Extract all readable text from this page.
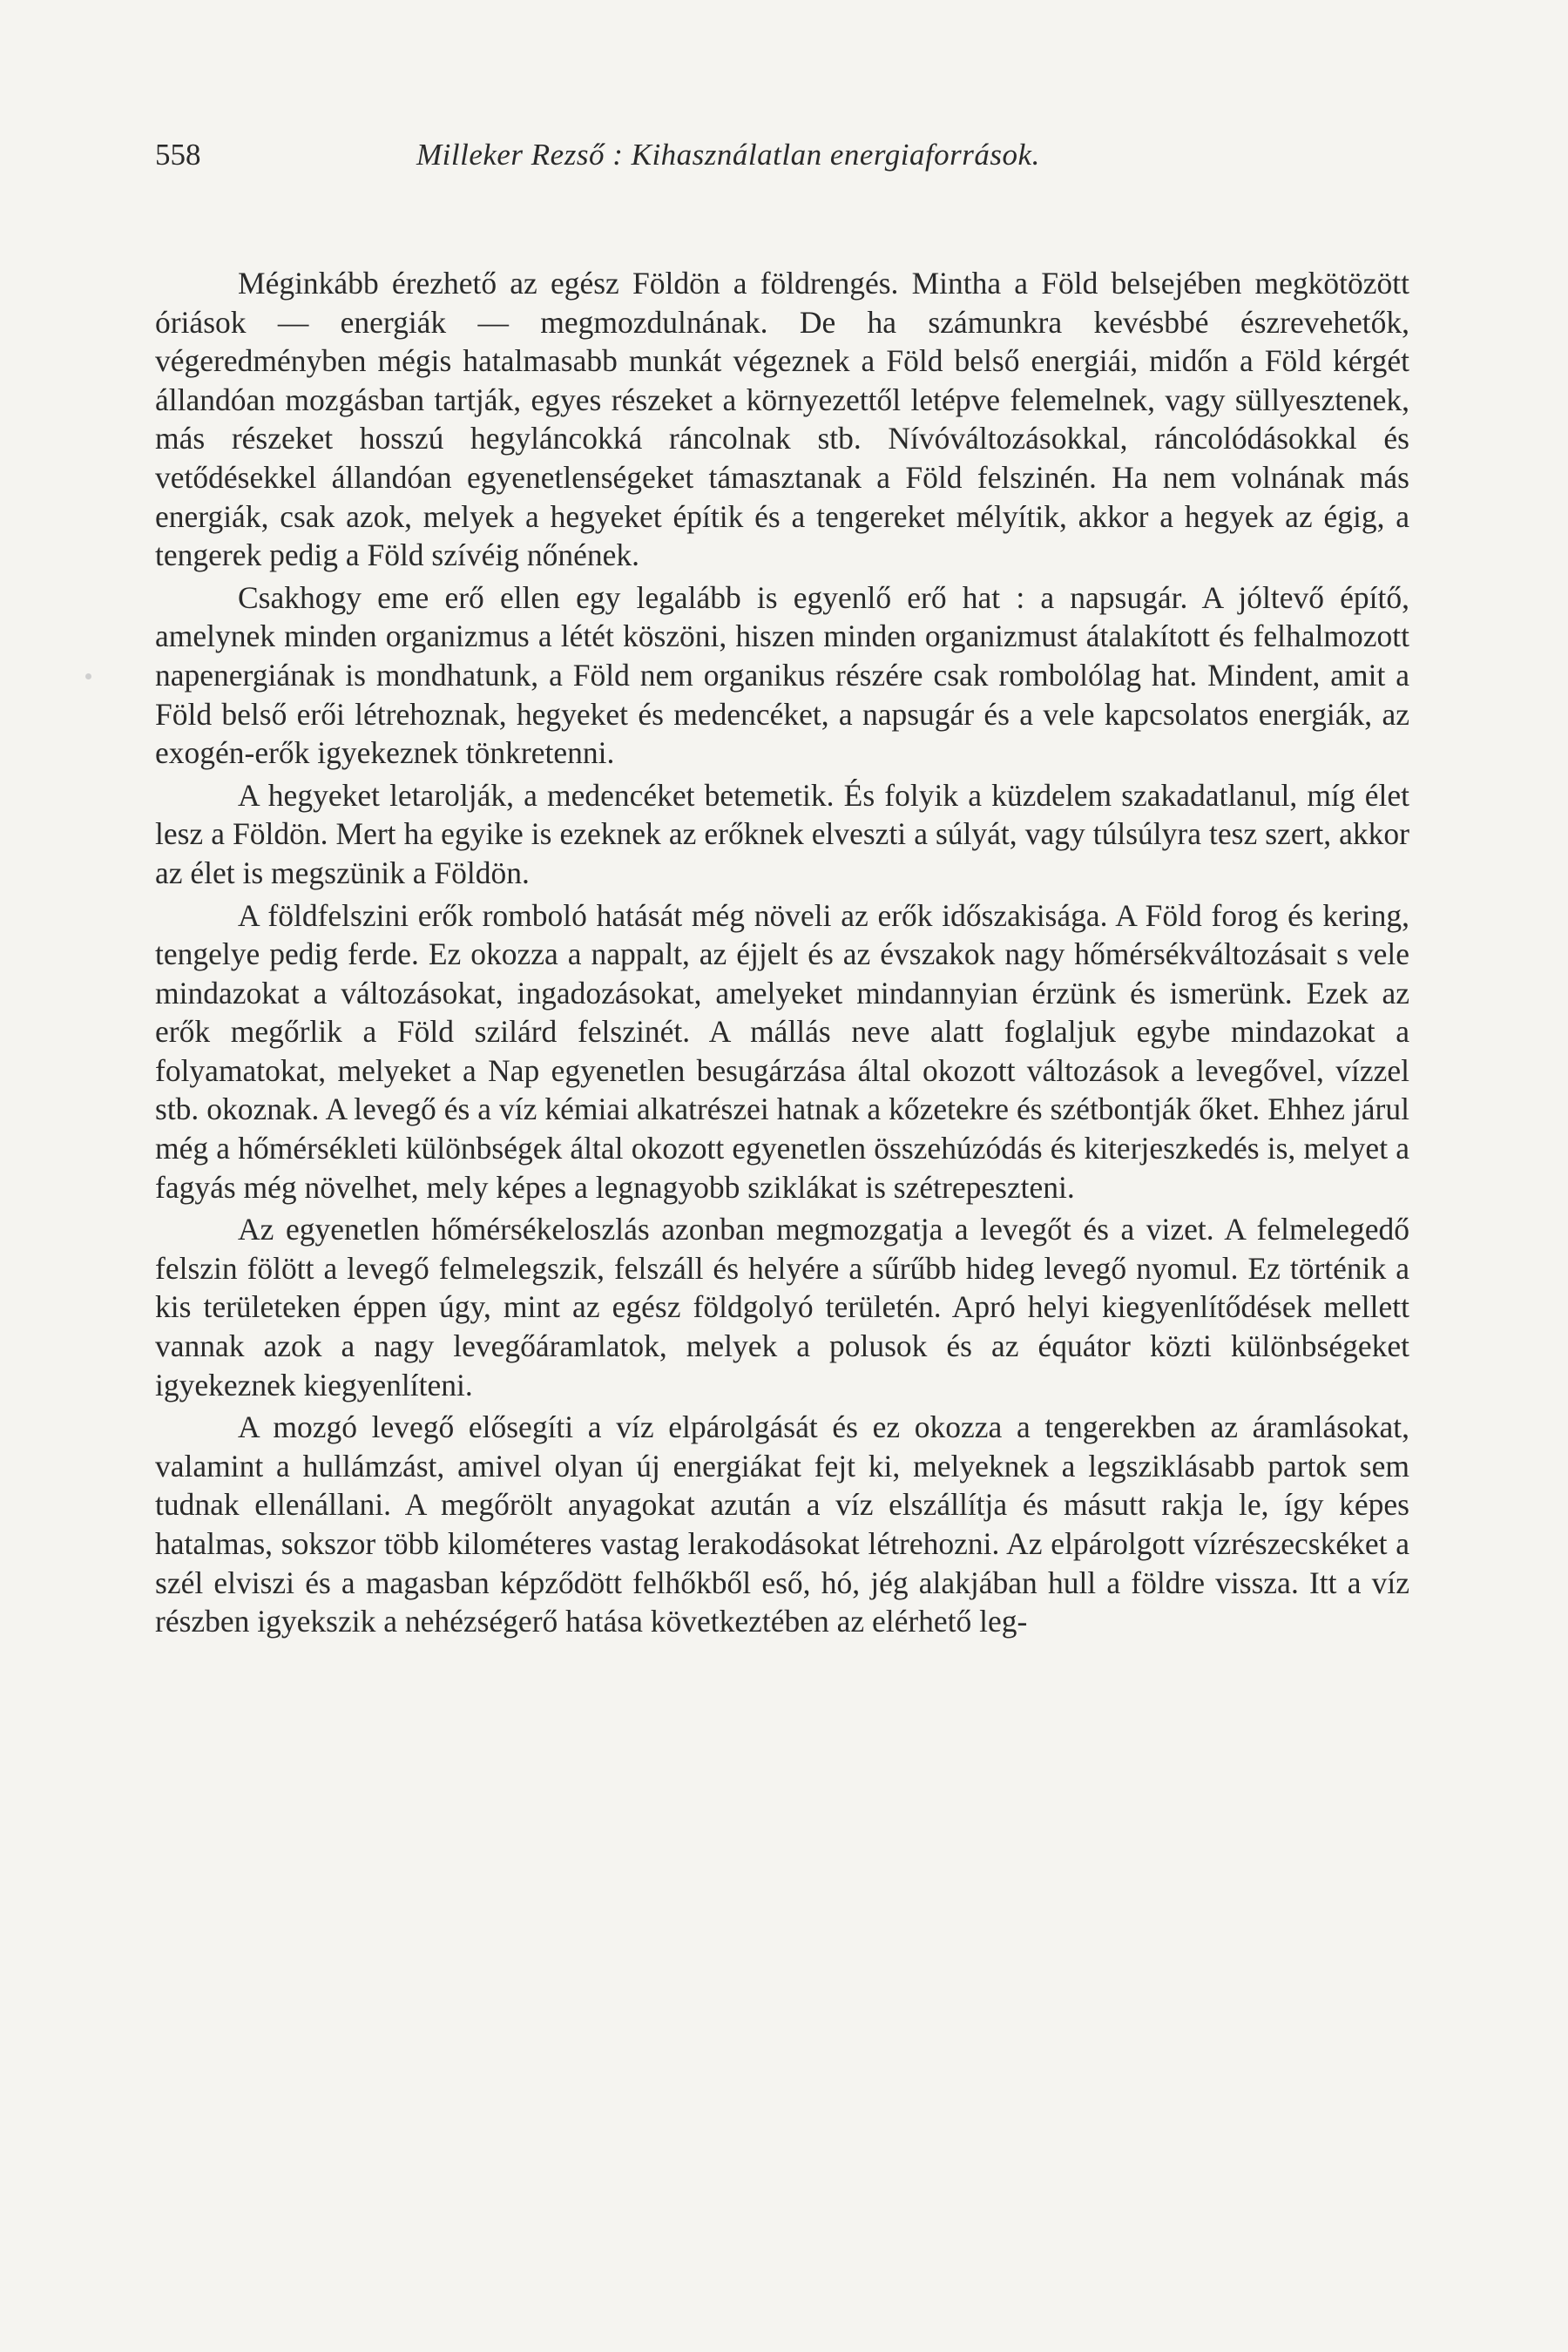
558	Milleker Rezső : Kihasználatlan energiaforrások.

Méginkább érezhető az egész Földön a földrengés. Mintha a Föld belsejében megkötözött óriások — energiák — megmozdulnának. De ha számunkra kevésbbé észrevehetők, végeredményben mégis hatalmasabb munkát végeznek a Föld belső energiái, midőn a Föld kérgét állandóan mozgásban tartják, egyes részeket a környezettől letépve felemelnek, vagy süllyesztenek, más részeket hosszú hegyláncokká ráncolnak stb. Nívóváltozásokkal, ráncolódásokkal és vetődésekkel állandóan egyenetlenségeket támasztanak a Föld felszinén. Ha nem volnának más energiák, csak azok, melyek a hegyeket építik és a tengereket mélyítik, akkor a hegyek az égig, a tengerek pedig a Föld szívéig nőnének.

Csakhogy eme erő ellen egy legalább is egyenlő erő hat : a napsugár. A jóltevő építő, amelynek minden organizmus a létét köszöni, hiszen minden organizmust átalakított és felhalmozott napenergiának is mondhatunk, a Föld nem organikus részére csak rombolólag hat. Mindent, amit a Föld belső erői létrehoznak, hegyeket és medencéket, a napsugár és a vele kapcsolatos energiák, az exogén-erők igyekeznek tönkretenni.

A hegyeket letarolják, a medencéket betemetik. És folyik a küzdelem szakadatlanul, míg élet lesz a Földön. Mert ha egyike is ezeknek az erőknek elveszti a súlyát, vagy túlsúlyra tesz szert, akkor az élet is megszünik a Földön.

A földfelszini erők romboló hatását még növeli az erők időszakisága. A Föld forog és kering, tengelye pedig ferde. Ez okozza a nappalt, az éjjelt és az évszakok nagy hőmérsékváltozásait s vele mindazokat a változásokat, ingadozásokat, amelyeket mindannyian érzünk és ismerünk. Ezek az erők megőrlik a Föld szilárd felszinét. A mállás neve alatt foglaljuk egybe mindazokat a folyamatokat, melyeket a Nap egyenetlen besugárzása által okozott változások a levegővel, vízzel stb. okoznak. A levegő és a víz kémiai alkatrészei hatnak a kőzetekre és szétbontják őket. Ehhez járul még a hőmérsékleti különbségek által okozott egyenetlen összehúzódás és kiterjeszkedés is, melyet a fagyás még növelhet, mely képes a legnagyobb sziklákat is szétrepeszteni.

Az egyenetlen hőmérsékeloszlás azonban megmozgatja a levegőt és a vizet. A felmelegedő felszin fölött a levegő felmelegszik, felszáll és helyére a sűrűbb hideg levegő nyomul. Ez történik a kis területeken éppen úgy, mint az egész földgolyó területén. Apró helyi kiegyenlítődések mellett vannak azok a nagy levegőáramlatok, melyek a polusok és az équátor közti különbségeket igyekeznek kiegyenlíteni.

A mozgó levegő elősegíti a víz elpárolgását és ez okozza a tengerekben az áramlásokat, valamint a hullámzást, amivel olyan új energiákat fejt ki, melyeknek a legsziklásabb partok sem tudnak ellenállani. A megőrölt anyagokat azután a víz elszállítja és másutt rakja le, így képes hatalmas, sokszor több kilométeres vastag lerakodásokat létrehozni. Az elpárolgott vízrészecskéket a szél elviszi és a magasban képződött felhőkből eső, hó, jég alakjában hull a földre vissza. Itt a víz részben igyekszik a nehézségerő hatása következtében az elérhető leg-
